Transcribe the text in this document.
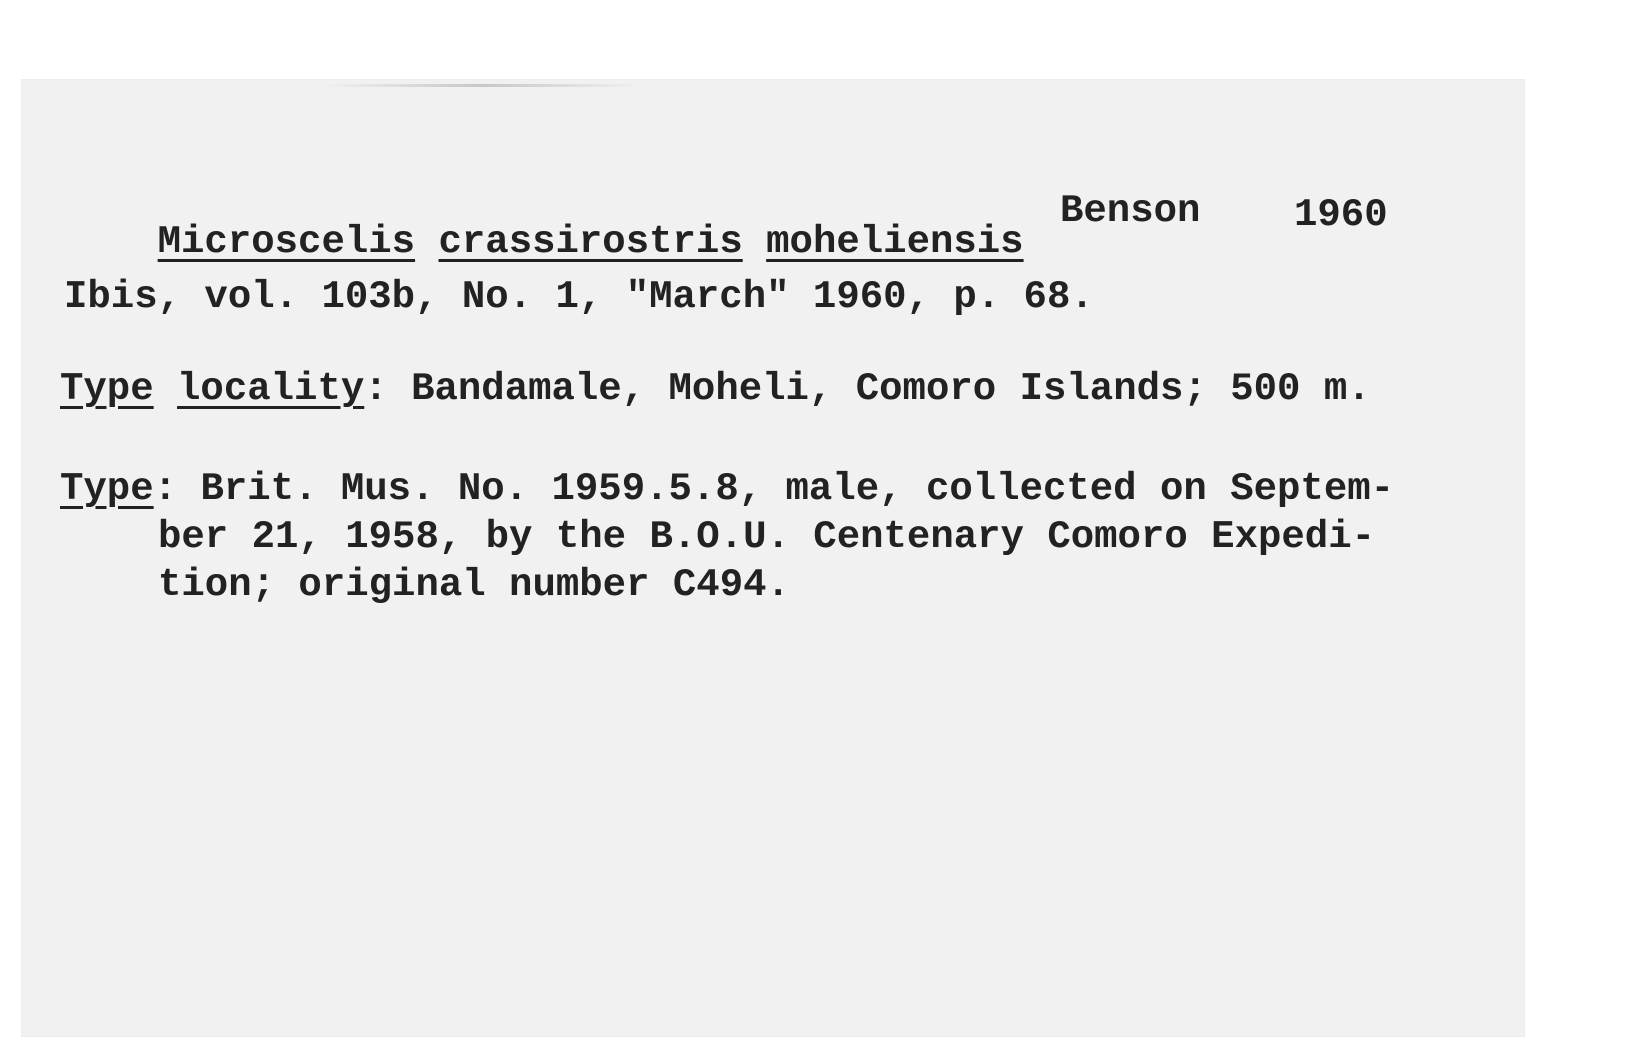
Microscelis crassirostris moheliensis

Benson 1960
Ibis, vol. 103b, No. 1, "March" 1960, p. 68.
Type locality: Bandamale, Moheli, Comoro Islands; 500 m.
Type: Brit. Mus. No. 1959.5.8, male, collected on Septem-
ber 21, 1958, by the B.O.U. Centenary Comoro Expedi-
tion; original number C494.
